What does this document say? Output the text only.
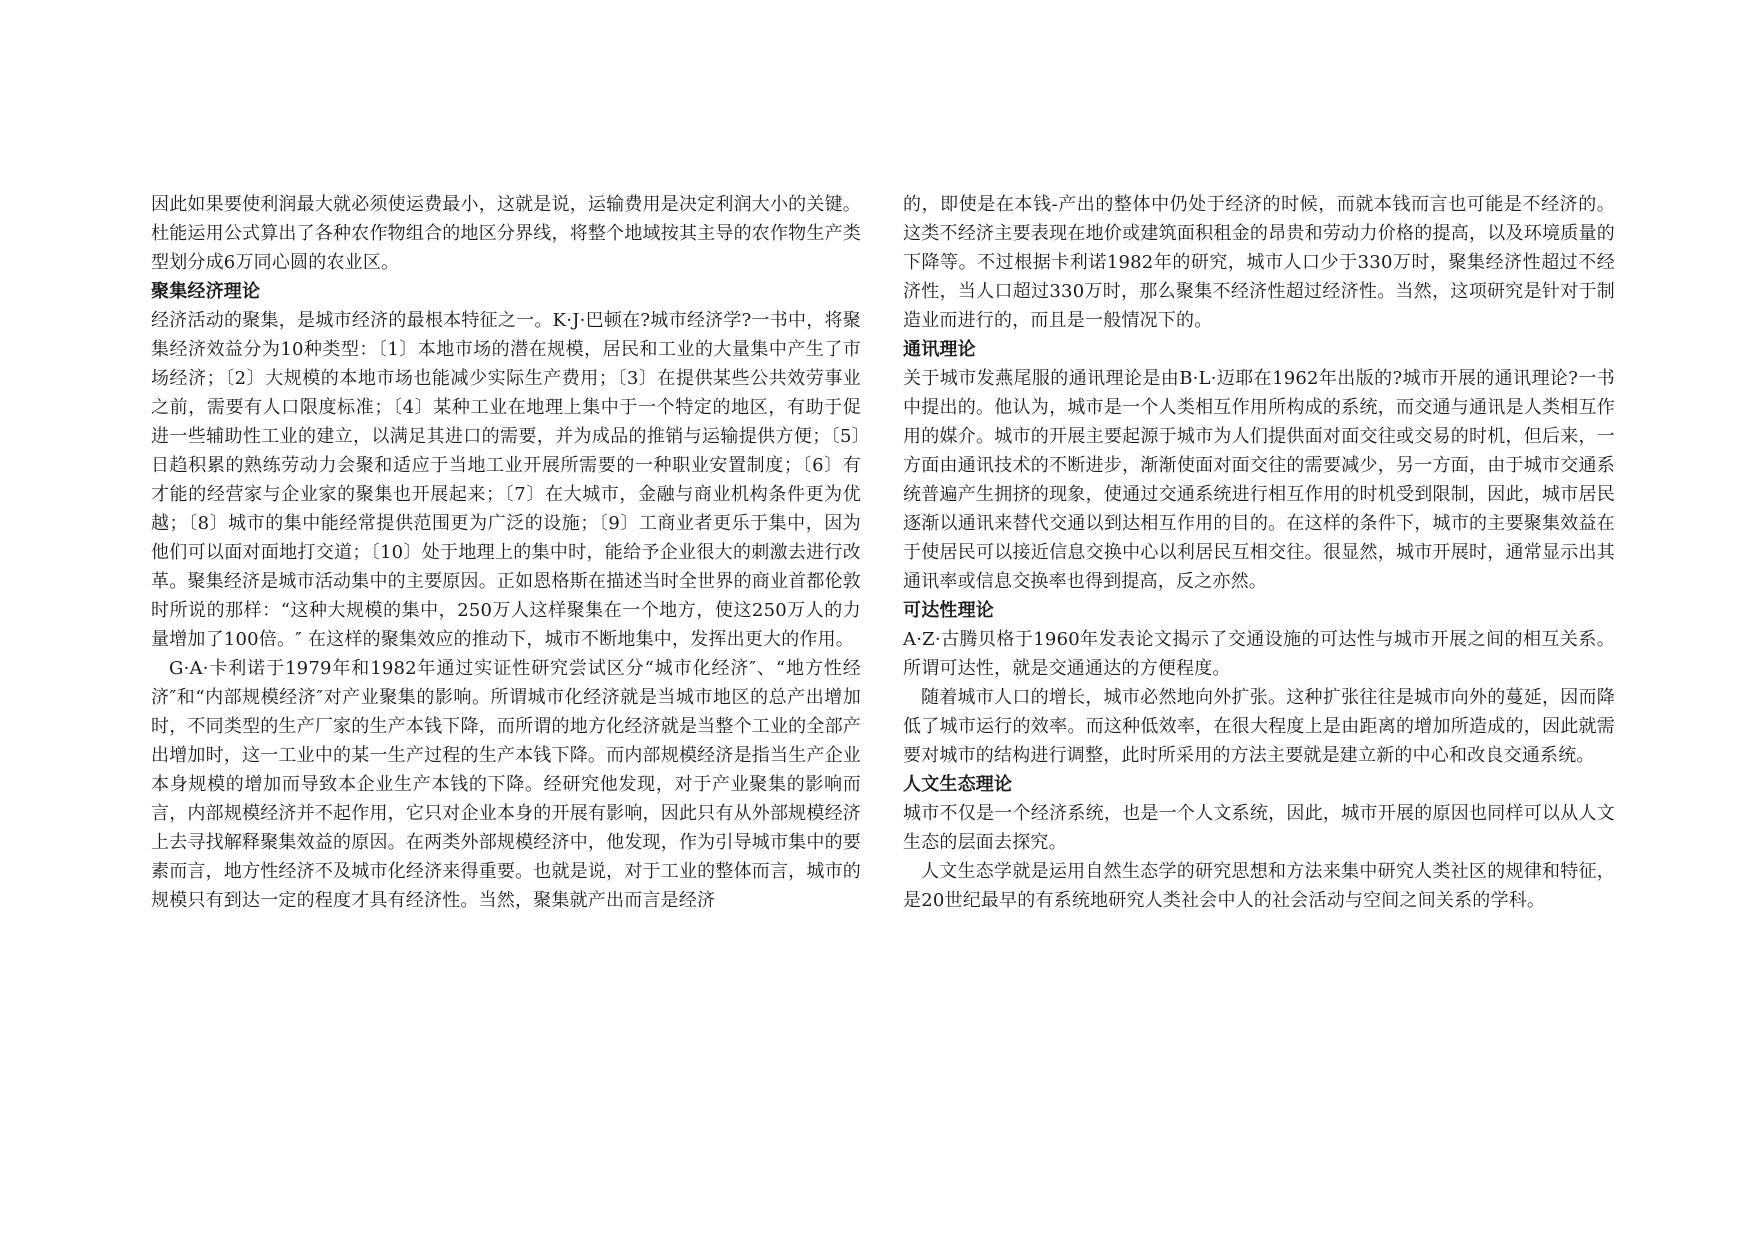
因此如果要使利润最大就必须使运费最小，这就是说，运输费用是决定利润大小的关键。杜能运用公式算出了各种农作物组合的地区分界线，将整个地域按其主导的农作物生产类型划分成6万同心圆的农业区。

聚集经济理论

经济活动的聚集，是城市经济的最根本特征之一。K·J·巴顿在?城市经济学?一书中，将聚集经济效益分为10种类型：〔1〕本地市场的潜在规模，居民和工业的大量集中产生了市场经济；〔2〕大规模的本地市场也能减少实际生产费用；〔3〕在提供某些公共效劳事业之前，需要有人口限度标准；〔4〕某种工业在地理上集中于一个特定的地区，有助于促进一些辅助性工业的建立，以满足其进口的需要，并为成品的推销与运输提供方便；〔5〕日趋积累的熟练劳动力会聚和适应于当地工业开展所需要的一种职业安置制度；〔6〕有才能的经营家与企业家的聚集也开展起来；〔7〕在大城市，金融与商业机构条件更为优越；〔8〕城市的集中能经常提供范围更为广泛的设施；〔9〕工商业者更乐于集中，因为他们可以面对面地打交道；〔10〕处于地理上的集中时，能给予企业很大的刺激去进行改革。聚集经济是城市活动集中的主要原因。正如恩格斯在描述当时全世界的商业首都伦敦时所说的那样：“这种大规模的集中，250万人这样聚集在一个地方，使这250万人的力量增加了100倍。″ 在这样的聚集效应的推动下，城市不断地集中，发挥出更大的作用。

G·A·卡利诺于1979年和1982年通过实证性研究尝试区分“城市化经济″、“地方性经济″和“内部规模经济″对产业聚集的影响。所谓城市化经济就是当城市地区的总产出增加时，不同类型的生产厂家的生产本钱下降，而所谓的地方化经济就是当整个工业的全部产出增加时，这一工业中的某一生产过程的生产本钱下降。而内部规模经济是指当生产企业本身规模的增加而导致本企业生产本钱的下降。经研究他发现，对于产业聚集的影响而言，内部规模经济并不起作用，它只对企业本身的开展有影响，因此只有从外部规模经济上去寻找解释聚集效益的原因。在两类外部规模经济中，他发现，作为引导城市集中的要素而言，地方性经济不及城市化经济来得重要。也就是说，对于工业的整体而言，城市的规模只有到达一定的程度才具有经济性。当然，聚集就产出而言是经济

的，即使是在本钱-产出的整体中仍处于经济的时候，而就本钱而言也可能是不经济的。这类不经济主要表现在地价或建筑面积租金的昂贵和劳动力价格的提高，以及环境质量的下降等。不过根据卡利诺1982年的研究，城市人口少于330万时，聚集经济性超过不经济性，当人口超过330万时，那么聚集不经济性超过经济性。当然，这项研究是针对于制造业而进行的，而且是一般情况下的。

通讯理论

关于城市发燕尾服的通讯理论是由B·L·迈耶在1962年出版的?城市开展的通讯理论?一书中提出的。他认为，城市是一个人类相互作用所构成的系统，而交通与通讯是人类相互作用的媒介。城市的开展主要起源于城市为人们提供面对面交往或交易的时机，但后来，一方面由通讯技术的不断进步，渐渐使面对面交往的需要减少，另一方面，由于城市交通系统普遍产生拥挤的现象，使通过交通系统进行相互作用的时机受到限制，因此，城市居民逐渐以通讯来替代交通以到达相互作用的目的。在这样的条件下，城市的主要聚集效益在于使居民可以接近信息交换中心以利居民互相交往。很显然，城市开展时，通常显示出其通讯率或信息交换率也得到提高，反之亦然。

可达性理论

A·Z·古腾贝格于1960年发表论文揭示了交通设施的可达性与城市开展之间的相互关系。所谓可达性，就是交通通达的方便程度。

随着城市人口的增长，城市必然地向外扩张。这种扩张往往是城市向外的蔓延，因而降低了城市运行的效率。而这种低效率，在很大程度上是由距离的增加所造成的，因此就需要对城市的结构进行调整，此时所采用的方法主要就是建立新的中心和改良交通系统。

人文生态理论

城市不仅是一个经济系统，也是一个人文系统，因此，城市开展的原因也同样可以从人文生态的层面去探究。

人文生态学就是运用自然生态学的研究思想和方法来集中研究人类社区的规律和特征，是20世纪最早的有系统地研究人类社会中人的社会活动与空间之间关系的学科。
